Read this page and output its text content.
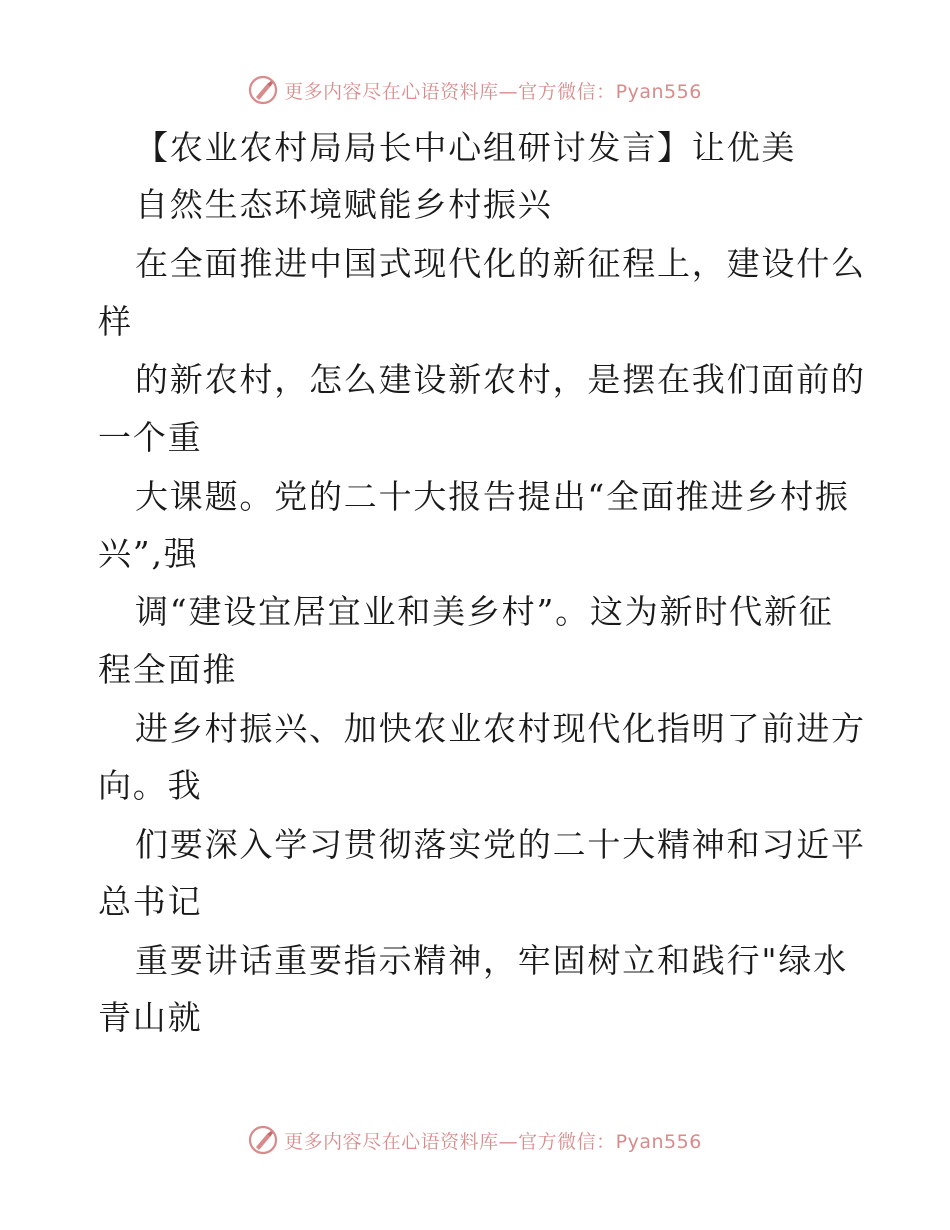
更多内容尽在心语资料库—官方微信：Pyan556
【农业农村局局长中心组研讨发言】让优美
自然生态环境赋能乡村振兴
在全面推进中国式现代化的新征程上，建设什么
样
的新农村，怎么建设新农村，是摆在我们面前的
一个重
大课题。党的二十大报告提出“全面推进乡村振
兴”,强
调“建设宜居宜业和美乡村”。这为新时代新征
程全面推
进乡村振兴、加快农业农村现代化指明了前进方
向。我
们要深入学习贯彻落实党的二十大精神和习近平
总书记
重要讲话重要指示精神，牢固树立和践行"绿水
青山就
更多内容尽在心语资料库—官方微信：Pyan556
